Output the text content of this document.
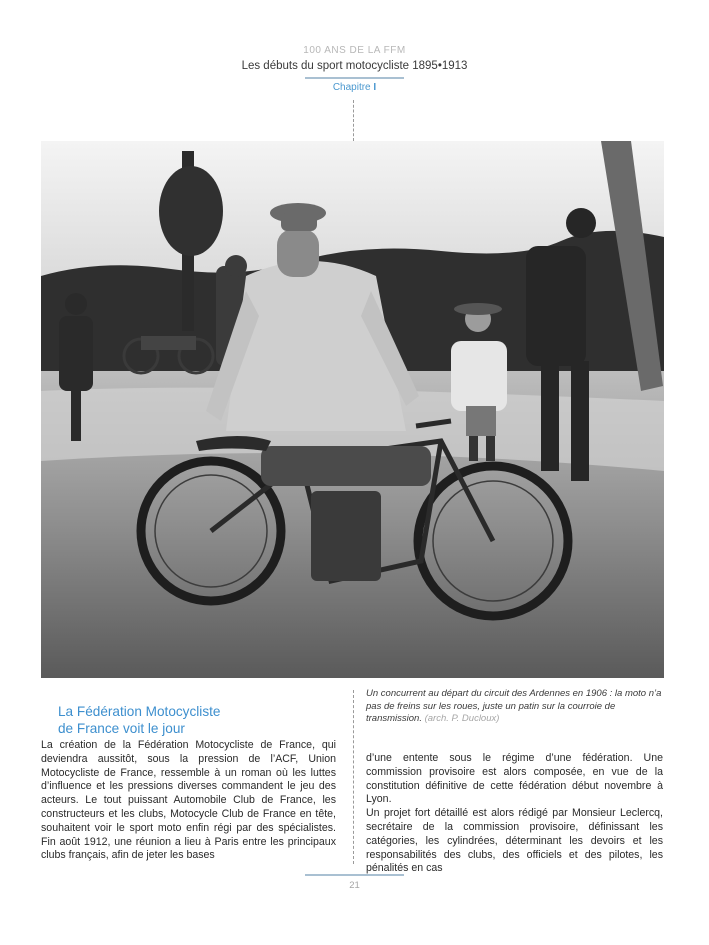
100 ANS DE LA FFM
Les débuts du sport motocycliste 1895•1913
Chapitre I
Un concurrent au départ du circuit des Ardennes en 1906 : la moto n’a pas de freins sur les roues, juste un patin sur la courroie de transmission. (arch. P. Ducloux)
La Fédération Motocycliste
de France voit le jour

La création de la Fédération Motocycliste de France, qui deviendra aussitôt, sous la pression de l’ACF, Union Motocycliste de France, ressemble à un roman où les luttes d’influence et les pressions diverses commandent le jeu des acteurs. Le tout puissant Automobile Club de France, les constructeurs et les clubs, Motocycle Club de France en tête, souhaitent voir le sport moto enfin régi par des spécialistes. Fin août 1912, une réunion a lieu à Paris entre les principaux clubs français, afin de jeter les bases

d’une entente sous le régime d’une fédération. Une commission provisoire est alors composée, en vue de la constitution définitive de cette fédération début novembre à Lyon.

Un projet fort détaillé est alors rédigé par Monsieur Leclercq, secrétaire de la commission provisoire, définissant les catégories, les cylindrées, déterminant les devoirs et les responsabilités des clubs, des officiels et des pilotes, les pénalités en cas

21
